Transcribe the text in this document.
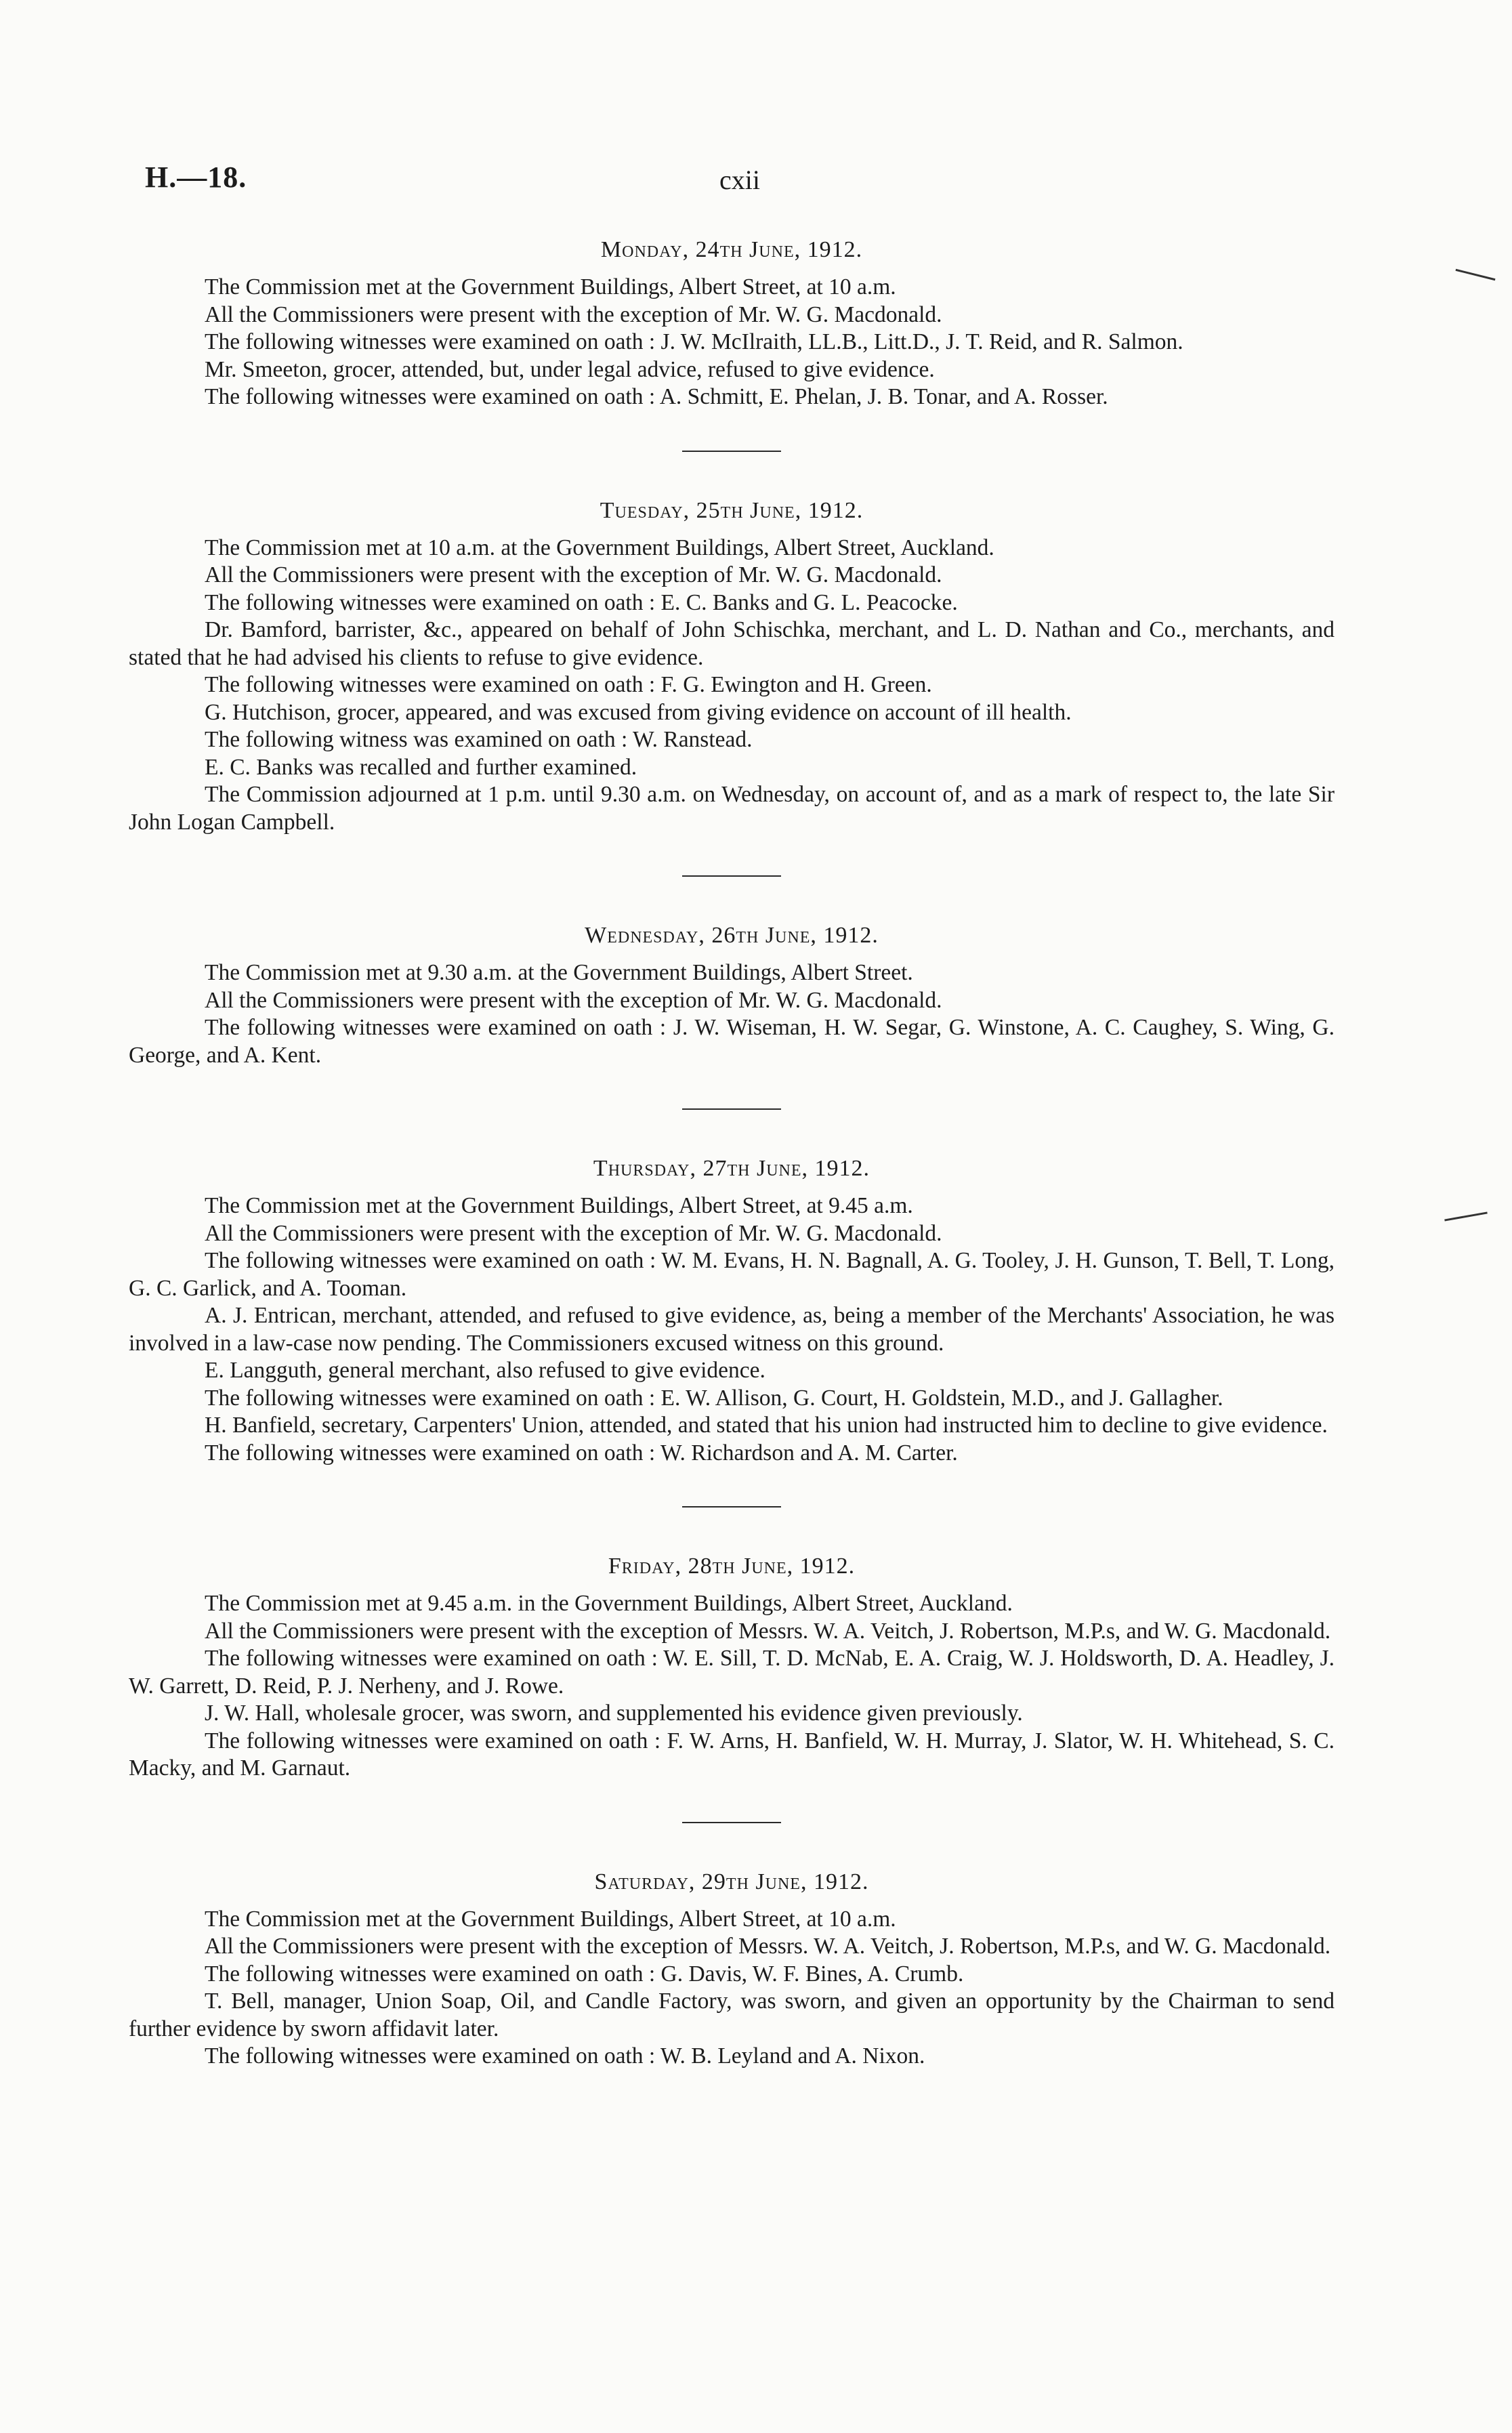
H.—18.	cxii
Monday, 24th June, 1912.

The Commission met at the Government Buildings, Albert Street, at 10 a.m.

All the Commissioners were present with the exception of Mr. W. G. Macdonald.

The following witnesses were examined on oath : J. W. McIlraith, LL.B., Litt.D., J. T. Reid, and R. Salmon.

Mr. Smeeton, grocer, attended, but, under legal advice, refused to give evidence.

The following witnesses were examined on oath : A. Schmitt, E. Phelan, J. B. Tonar, and A. Rosser.

Tuesday, 25th June, 1912.

The Commission met at 10 a.m. at the Government Buildings, Albert Street, Auckland.

All the Commissioners were present with the exception of Mr. W. G. Macdonald.

The following witnesses were examined on oath : E. C. Banks and G. L. Peacocke.

Dr. Bamford, barrister, &c., appeared on behalf of John Schischka, merchant, and L. D. Nathan and Co., merchants, and stated that he had advised his clients to refuse to give evidence.

The following witnesses were examined on oath : F. G. Ewington and H. Green.

G. Hutchison, grocer, appeared, and was excused from giving evidence on account of ill health.

The following witness was examined on oath : W. Ranstead.

E. C. Banks was recalled and further examined.

The Commission adjourned at 1 p.m. until 9.30 a.m. on Wednesday, on account of, and as a mark of respect to, the late Sir John Logan Campbell.

Wednesday, 26th June, 1912.

The Commission met at 9.30 a.m. at the Government Buildings, Albert Street.

All the Commissioners were present with the exception of Mr. W. G. Macdonald.

The following witnesses were examined on oath : J. W. Wiseman, H. W. Segar, G. Winstone, A. C. Caughey, S. Wing, G. George, and A. Kent.

Thursday, 27th June, 1912.

The Commission met at the Government Buildings, Albert Street, at 9.45 a.m.

All the Commissioners were present with the exception of Mr. W. G. Macdonald.

The following witnesses were examined on oath : W. M. Evans, H. N. Bagnall, A. G. Tooley, J. H. Gunson, T. Bell, T. Long, G. C. Garlick, and A. Tooman.

A. J. Entrican, merchant, attended, and refused to give evidence, as, being a member of the Merchants' Association, he was involved in a law-case now pending. The Commissioners excused witness on this ground.

E. Langguth, general merchant, also refused to give evidence.

The following witnesses were examined on oath : E. W. Allison, G. Court, H. Goldstein, M.D., and J. Gallagher.

H. Banfield, secretary, Carpenters' Union, attended, and stated that his union had instructed him to decline to give evidence.

The following witnesses were examined on oath : W. Richardson and A. M. Carter.

Friday, 28th June, 1912.

The Commission met at 9.45 a.m. in the Government Buildings, Albert Street, Auckland.

All the Commissioners were present with the exception of Messrs. W. A. Veitch, J. Robertson, M.P.s, and W. G. Macdonald.

The following witnesses were examined on oath : W. E. Sill, T. D. McNab, E. A. Craig, W. J. Holdsworth, D. A. Headley, J. W. Garrett, D. Reid, P. J. Nerheny, and J. Rowe.

J. W. Hall, wholesale grocer, was sworn, and supplemented his evidence given previously.

The following witnesses were examined on oath : F. W. Arns, H. Banfield, W. H. Murray, J. Slator, W. H. Whitehead, S. C. Macky, and M. Garnaut.

Saturday, 29th June, 1912.

The Commission met at the Government Buildings, Albert Street, at 10 a.m.

All the Commissioners were present with the exception of Messrs. W. A. Veitch, J. Robertson, M.P.s, and W. G. Macdonald.

The following witnesses were examined on oath : G. Davis, W. F. Bines, A. Crumb.

T. Bell, manager, Union Soap, Oil, and Candle Factory, was sworn, and given an opportunity by the Chairman to send further evidence by sworn affidavit later.

The following witnesses were examined on oath : W. B. Leyland and A. Nixon.
